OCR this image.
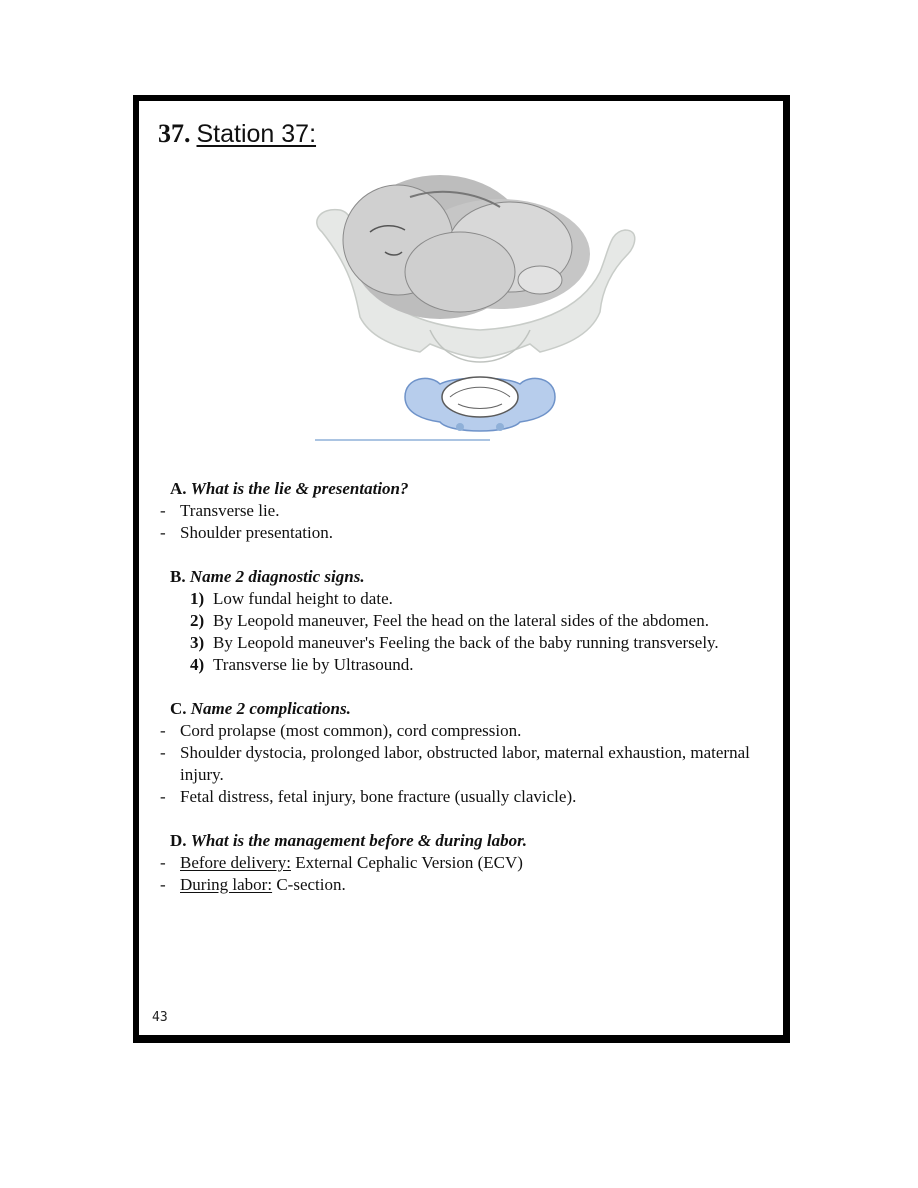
37. Station 37:

A. What is the lie & presentation?

- Transverse lie.

- Shoulder presentation.

B. Name 2 diagnostic signs.

1) Low fundal height to date.

2) By Leopold maneuver, Feel the head on the lateral sides of the abdomen.

3) By Leopold maneuver's Feeling the back of the baby running transversely.

4) Transverse lie by Ultrasound.

C. Name 2 complications.

- Cord prolapse (most common), cord compression.

- Shoulder dystocia, prolonged labor, obstructed labor, maternal exhaustion, maternal injury.

- Fetal distress, fetal injury, bone fracture (usually clavicle).

D. What is the management before & during labor.

- Before delivery: External Cephalic Version (ECV)

- During labor: C-section.

43
